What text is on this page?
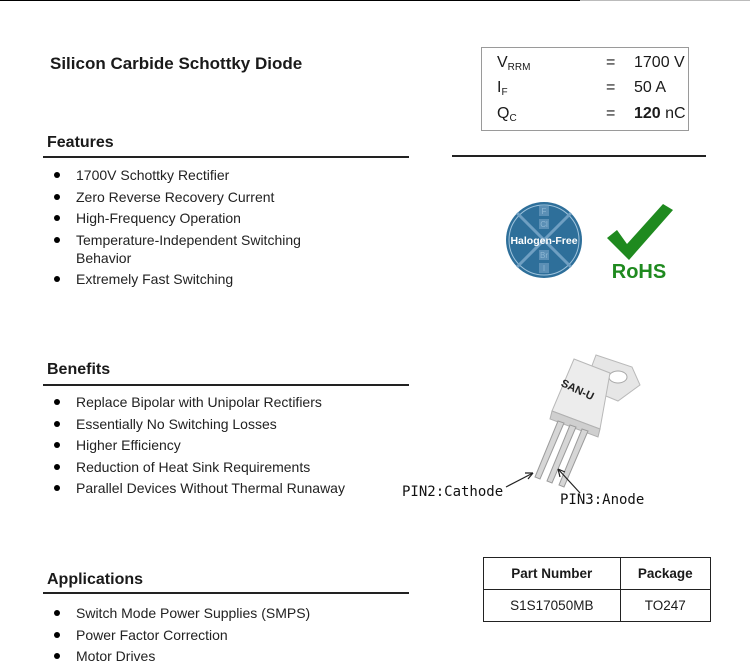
Silicon Carbide Schottky Diode	$V_{RRM}$	= 1700 V
$I_F$	= 50 A
$Q_C$	= 120 nC
Features
1700V Schottky Rectifier
Zero Reverse Recovery Current
High-Frequency Operation
Temperature-Independent Switching Behavior
Extremely Fast Switching
Benefits
Replace Bipolar with Unipolar Rectifiers
Essentially No Switching Losses
Higher Efficiency
Reduction of Heat Sink Requirements
Parallel Devices Without Thermal Runaway
Applications
Switch Mode Power Supplies (SMPS)
Power Factor Correction
Motor Drives
F
Cl
Br
I
Halogen-Free
RoHS
SAN-U
PIN2:Cathode	PIN3:Anode
Part Number	Package
S1S17050MB	TO247
